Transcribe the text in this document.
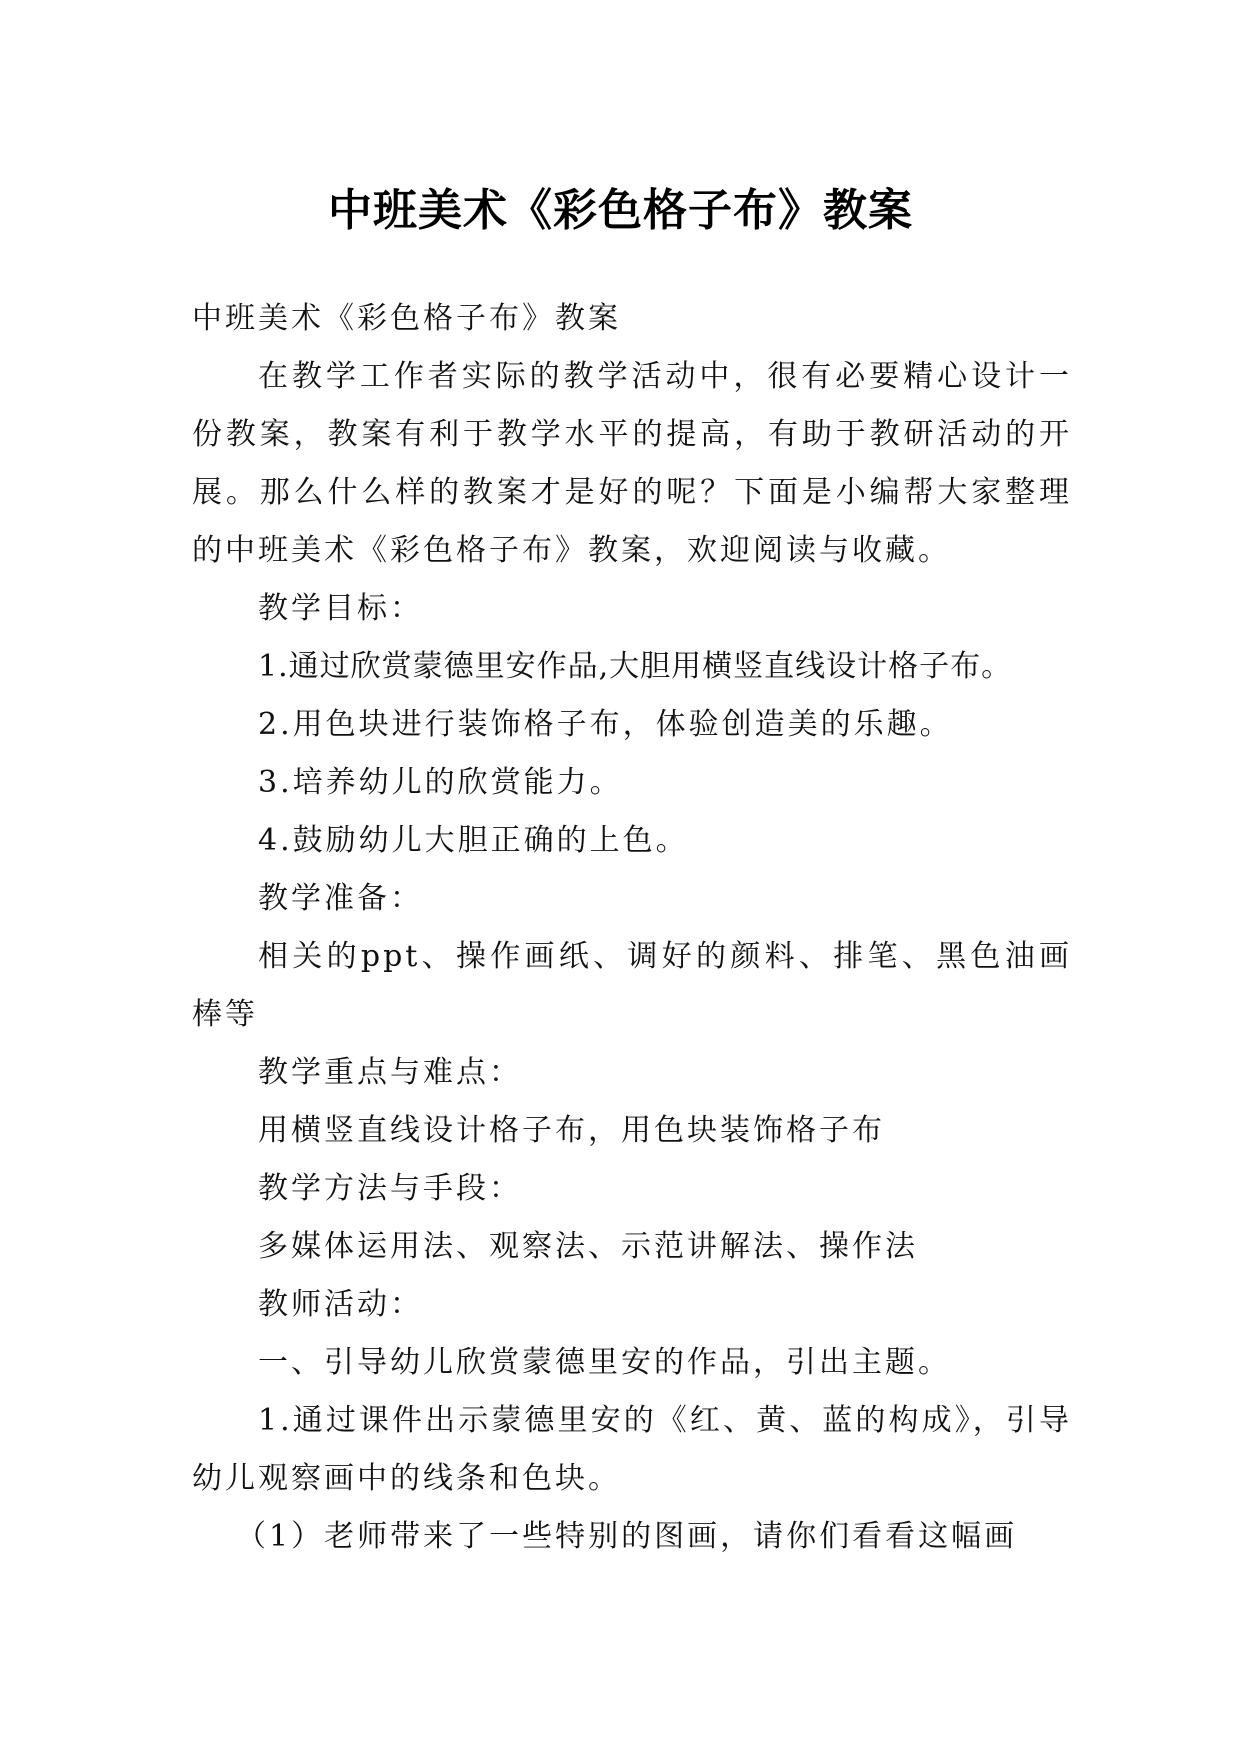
中班美术《彩色格子布》教案

中班美术《彩色格子布》教案

在教学工作者实际的教学活动中，很有必要精心设计一份教案，教案有利于教学水平的提高，有助于教研活动的开展。那么什么样的教案才是好的呢？下面是小编帮大家整理的中班美术《彩色格子布》教案，欢迎阅读与收藏。

教学目标：

1.通过欣赏蒙德里安作品,大胆用横竖直线设计格子布。

2.用色块进行装饰格子布，体验创造美的乐趣。

3.培养幼儿的欣赏能力。

4.鼓励幼儿大胆正确的上色。

教学准备：

相关的ppt、操作画纸、调好的颜料、排笔、黑色油画棒等

教学重点与难点：

用横竖直线设计格子布，用色块装饰格子布

教学方法与手段：

多媒体运用法、观察法、示范讲解法、操作法

教师活动：

一、引导幼儿欣赏蒙德里安的作品，引出主题。

1.通过课件出示蒙德里安的《红、黄、蓝的构成》，引导幼儿观察画中的线条和色块。

（1）老师带来了一些特别的图画，请你们看看这幅画
